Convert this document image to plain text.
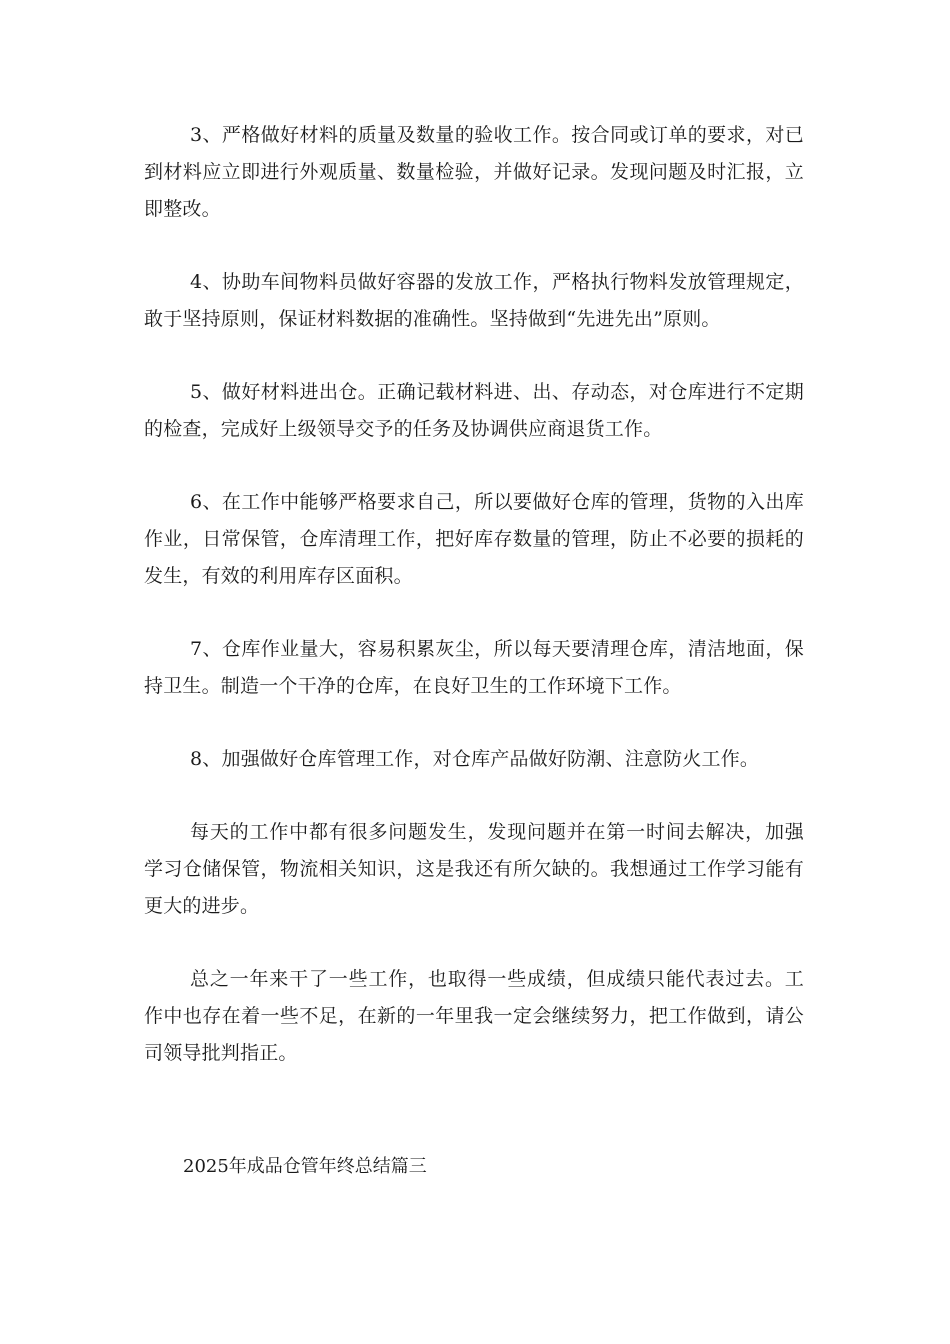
3、严格做好材料的质量及数量的验收工作。按合同或订单的要求，对已到材料应立即进行外观质量、数量检验，并做好记录。发现问题及时汇报，立即整改。

4、协助车间物料员做好容器的发放工作，严格执行物料发放管理规定，敢于坚持原则，保证材料数据的准确性。坚持做到“先进先出”原则。

5、做好材料进出仓。正确记载材料进、出、存动态，对仓库进行不定期的检查，完成好上级领导交予的任务及协调供应商退货工作。

6、在工作中能够严格要求自己，所以要做好仓库的管理，货物的入出库作业，日常保管，仓库清理工作，把好库存数量的管理，防止不必要的损耗的发生，有效的利用库存区面积。

7、仓库作业量大，容易积累灰尘，所以每天要清理仓库，清洁地面，保持卫生。制造一个干净的仓库，在良好卫生的工作环境下工作。

8、加强做好仓库管理工作，对仓库产品做好防潮、注意防火工作。

每天的工作中都有很多问题发生，发现问题并在第一时间去解决，加强学习仓储保管，物流相关知识，这是我还有所欠缺的。我想通过工作学习能有更大的进步。

总之一年来干了一些工作，也取得一些成绩，但成绩只能代表过去。工作中也存在着一些不足，在新的一年里我一定会继续努力，把工作做到，请公司领导批判指正。

2025年成品仓管年终总结篇三
